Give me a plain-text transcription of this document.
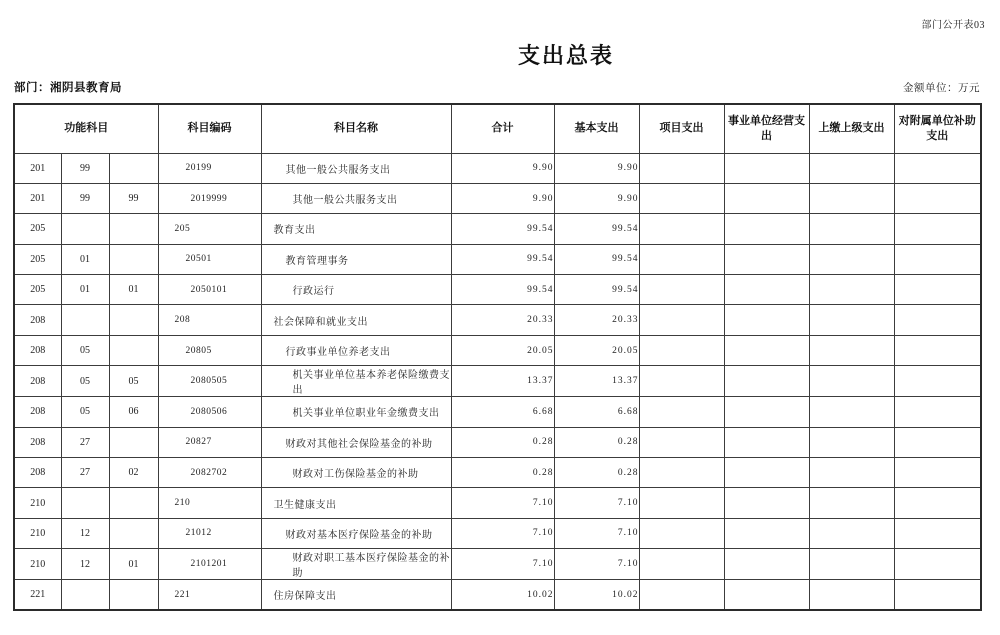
部门公开表03
支出总表
部门：湘阴县教育局	金额单位：万元
功能科目			科目编码	科目名称	合计	基本支出	项目支出	事业单位经营支出	上缴上级支出	对附属单位补助支出
201	99		20199	其他一般公共服务支出	9.90	9.90				
201	99	99	2019999	其他一般公共服务支出	9.90	9.90				
205			205	教育支出	99.54	99.54				
205	01		20501	教育管理事务	99.54	99.54				
205	01	01	2050101	行政运行	99.54	99.54				
208			208	社会保障和就业支出	20.33	20.33				
208	05		20805	行政事业单位养老支出	20.05	20.05				
208	05	05	2080505	机关事业单位基本养老保险缴费支出	13.37	13.37				
208	05	06	2080506	机关事业单位职业年金缴费支出	6.68	6.68				
208	27		20827	财政对其他社会保险基金的补助	0.28	0.28				
208	27	02	2082702	财政对工伤保险基金的补助	0.28	0.28				
210			210	卫生健康支出	7.10	7.10				
210	12		21012	财政对基本医疗保险基金的补助	7.10	7.10				
210	12	01	2101201	财政对职工基本医疗保险基金的补助	7.10	7.10				
221			221	住房保障支出	10.02	10.02				
